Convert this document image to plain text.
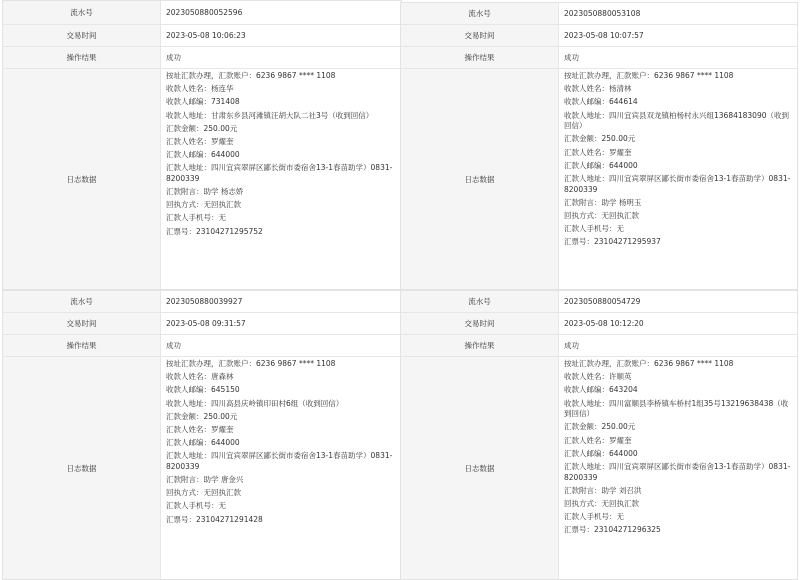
流水号	2023050880052596
交易时间	2023-05-08 10:06:23
操作结果	成功
日志数据
按址汇款办理，汇款账户：6236 9867 **** 1108
收款人姓名：杨连华
收款人邮编：731408
收款人地址：甘肃东乡县河滩镇汪胡大队二社3号（收到回信）
汇款金额：250.00元
汇款人姓名：罗燿奎
汇款人邮编：644000
汇款人地址：四川宜宾翠屏区鄙长街市委宿舍13-1春苗助学）0831-8200339
汇款附言：助学 杨志娇
回执方式：无回执汇款
汇款人手机号：无
汇票号：23104271295752
流水号	2023050880053108
交易时间	2023-05-08 10:07:57
操作结果	成功
日志数据
按址汇款办理，汇款账户：6236 9867 **** 1108
收款人姓名：杨清林
收款人邮编：644614
收款人地址：四川宜宾县双龙镇柏杨村永兴组13684183090（收到回信）
汇款金额：250.00元
汇款人姓名：罗燿奎
汇款人邮编：644000
汇款人地址：四川宜宾翠屏区鄙长街市委宿舍13-1春苗助学）0831-8200339
汇款附言：助学 杨明玉
回执方式：无回执汇款
汇款人手机号：无
汇票号：23104271295937
流水号	2023050880039927
交易时间	2023-05-08 09:31:57
操作结果	成功
日志数据
按址汇款办理，汇款账户：6236 9867 **** 1108
收款人姓名：唐森林
收款人邮编：645150
收款人地址：四川高县庆岭镇印田村6组（收到回信）
汇款金额：250.00元
汇款人姓名：罗燿奎
汇款人邮编：644000
汇款人地址：四川宜宾翠屏区鄙长街市委宿舍13-1春苗助学）0831-8200339
汇款附言：助学 唐金兴
回执方式：无回执汇款
汇款人手机号：无
汇票号：23104271291428
流水号	2023050880054729
交易时间	2023-05-08 10:12:20
操作结果	成功
日志数据
按址汇款办理，汇款账户：6236 9867 **** 1108
收款人姓名：许顺英
收款人邮编：643204
收款人地址：四川富顺县李桥镇车桥村1组35号13219638438（收到回信）
汇款金额：250.00元
汇款人姓名：罗燿奎
汇款人邮编：644000
汇款人地址：四川宜宾翠屏区鄙长街市委宿舍13-1春苗助学）0831-8200339
汇款附言：助学 刘召洪
回执方式：无回执汇款
汇款人手机号：无
汇票号：23104271296325
